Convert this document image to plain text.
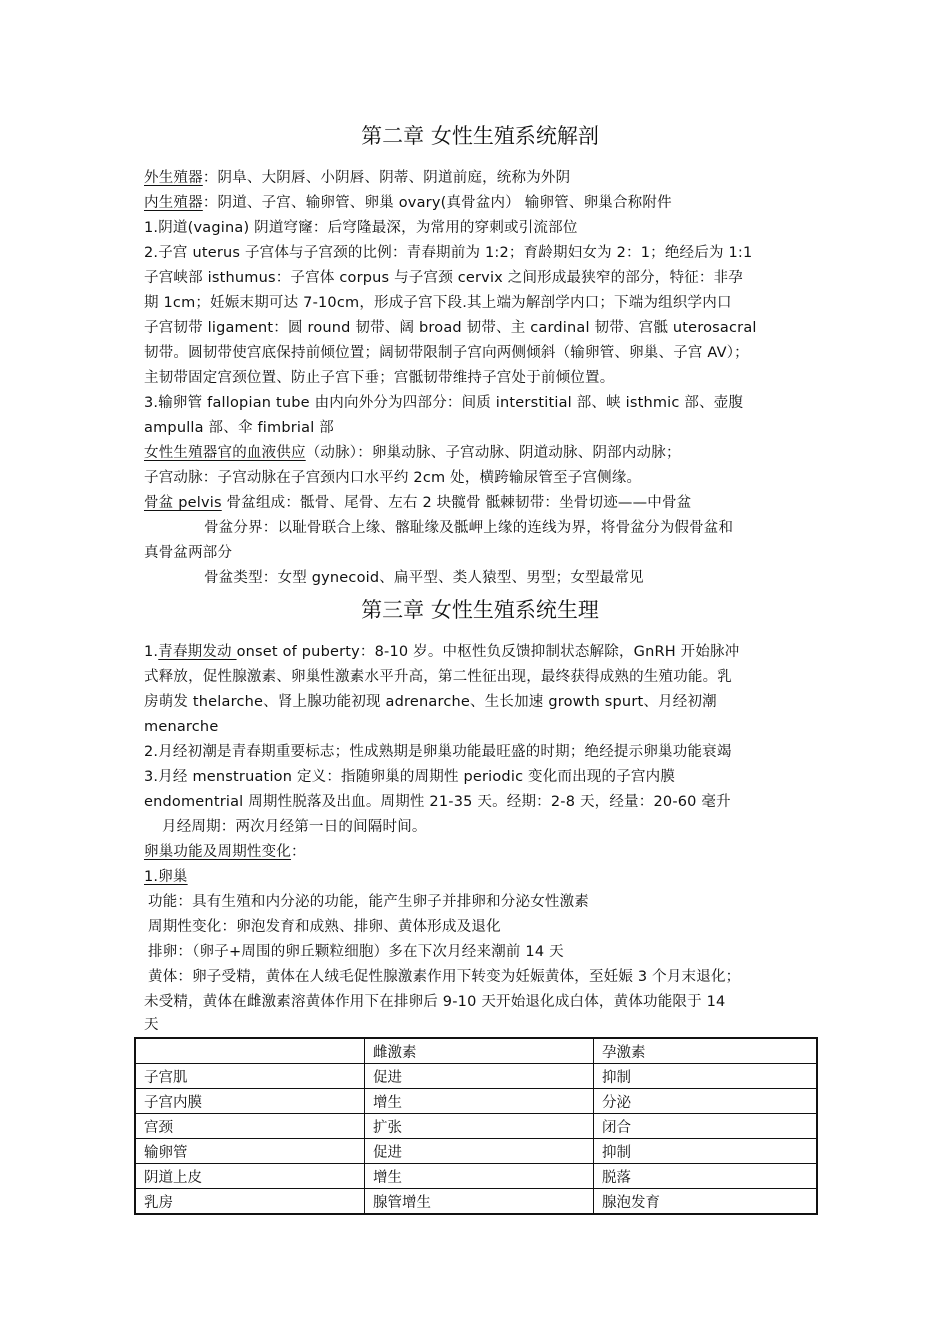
第二章 女性生殖系统解剖
外生殖器：阴阜、大阴唇、小阴唇、阴蒂、阴道前庭，统称为外阴
内生殖器：阴道、子宫、输卵管、卵巢 ovary(真骨盆内） 输卵管、卵巢合称附件
1.阴道(vagina) 阴道穹窿：后穹隆最深，为常用的穿刺或引流部位
2.子宫 uterus 子宫体与子宫颈的比例：青春期前为 1:2；育龄期妇女为 2：1；绝经后为 1:1
子宫峡部 isthumus：子宫体 corpus 与子宫颈 cervix 之间形成最狭窄的部分，特征：非孕
期 1cm；妊娠末期可达 7-10cm，形成子宫下段.其上端为解剖学内口；下端为组织学内口
子宫韧带 ligament：圆 round 韧带、阔 broad 韧带、主 cardinal 韧带、宫骶 uterosacral
韧带。圆韧带使宫底保持前倾位置；阔韧带限制子宫向两侧倾斜（输卵管、卵巢、子宫 AV）；
主韧带固定宫颈位置、防止子宫下垂；宫骶韧带维持子宫处于前倾位置。
3.输卵管 fallopian tube 由内向外分为四部分：间质 interstitial 部、峡 isthmic 部、壶腹
ampulla 部、伞 fimbrial 部
女性生殖器官的血液供应（动脉）：卵巢动脉、子宫动脉、阴道动脉、阴部内动脉；
子宫动脉：子宫动脉在子宫颈内口水平约 2cm 处，横跨输尿管至子宫侧缘。
骨盆 pelvis 骨盆组成：骶骨、尾骨、左右 2 块髋骨 骶棘韧带：坐骨切迹——中骨盆
骨盆分界：以耻骨联合上缘、髂耻缘及骶岬上缘的连线为界，将骨盆分为假骨盆和
真骨盆两部分
骨盆类型：女型 gynecoid、扁平型、类人猿型、男型；女型最常见
第三章 女性生殖系统生理
1.青春期发动 onset of puberty：8-10 岁。中枢性负反馈抑制状态解除，GnRH 开始脉冲
式释放，促性腺激素、卵巢性激素水平升高，第二性征出现，最终获得成熟的生殖功能。乳
房萌发 thelarche、肾上腺功能初现 adrenarche、生长加速 growth spurt、月经初潮
menarche
2.月经初潮是青春期重要标志；性成熟期是卵巢功能最旺盛的时期；绝经提示卵巢功能衰竭
3.月经 menstruation 定义：指随卵巢的周期性 periodic 变化而出现的子宫内膜
endomentrial 周期性脱落及出血。周期性 21-35 天。经期：2-8 天，经量：20-60 毫升
月经周期：两次月经第一日的间隔时间。
卵巢功能及周期性变化：
1.卵巢
功能：具有生殖和内分泌的功能，能产生卵子并排卵和分泌女性激素
周期性变化：卵泡发育和成熟、排卵、黄体形成及退化
排卵：（卵子+周围的卵丘颗粒细胞）多在下次月经来潮前 14 天
黄体：卵子受精，黄体在人绒毛促性腺激素作用下转变为妊娠黄体，至妊娠 3 个月末退化；
未受精，黄体在雌激素溶黄体作用下在排卵后 9-10 天开始退化成白体，黄体功能限于 14
天
	雌激素	孕激素
子宫肌	促进	抑制
子宫内膜	增生	分泌
宫颈	扩张	闭合
输卵管	促进	抑制
阴道上皮	增生	脱落
乳房	腺管增生	腺泡发育
